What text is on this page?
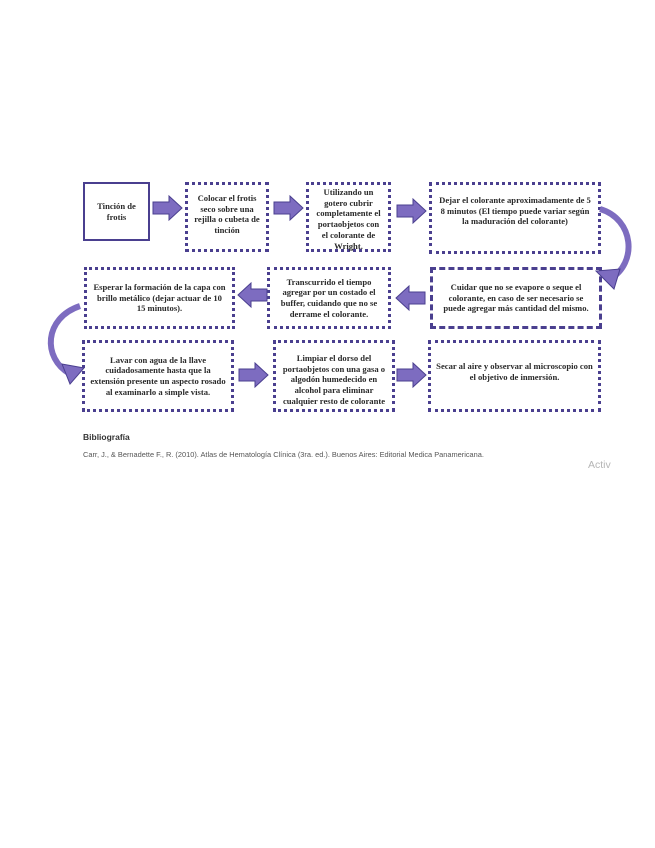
Tinción de frotis
Colocar el frotis seco sobre una rejilla o cubeta de tinción
Utilizando un gotero cubrir completamente el portaobjetos con el colorante de Wright.
Dejar el colorante aproximadamente de 5 8 minutos (El tiempo puede variar según la maduración del colorante)
Esperar la formación de la capa con brillo metálico (dejar actuar de 10 15 minutos).
Transcurrido el tiempo agregar por un costado el buffer, cuidando que no se derrame el colorante.
Cuidar que no se evapore o seque el colorante, en caso de ser necesario se puede agregar más cantidad del mismo.
Lavar con agua de la llave cuidadosamente hasta que la extensión presente un aspecto rosado al examinarlo a simple vista.
Limpiar el dorso del portaobjetos con una gasa o algodón humedecido en alcohol para eliminar cualquier resto de colorante
Secar al aire y observar al microscopio con el objetivo de inmersión.
Bibliografía
Carr, J., & Bernadette F., R. (2010). Atlas de Hematología Clínica (3ra. ed.). Buenos Aires: Editorial Medica Panamericana.
Activ
